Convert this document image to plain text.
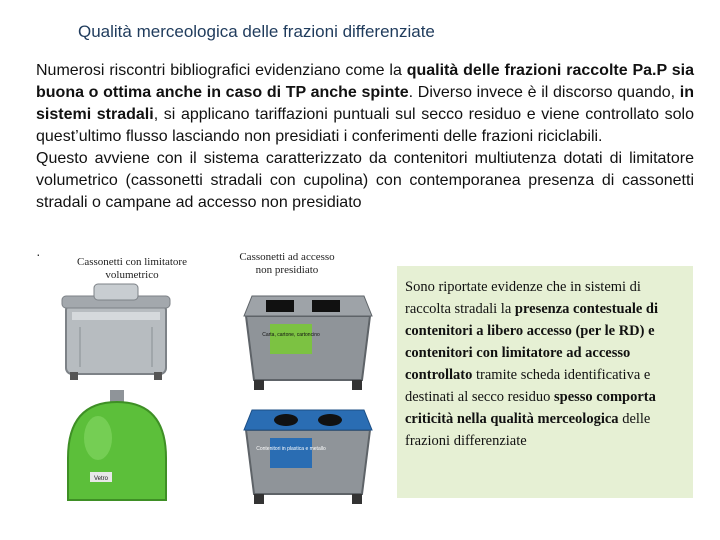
Qualità merceologica delle frazioni differenziate

Numerosi riscontri bibliografici evidenziano come la qualità delle frazioni raccolte Pa.P sia buona o ottima anche in caso di TP anche spinte. Diverso invece è il discorso quando, in sistemi stradali, si applicano tariffazioni puntuali sul secco residuo e viene controllato solo quest’ultimo flusso lasciando non presidiati i conferimenti delle frazioni riciclabili.

Questo avviene con il sistema caratterizzato da contenitori multiutenza dotati di limitatore volumetrico (cassonetti stradali con cupolina) con contemporanea presenza di cassonetti stradali o campane ad accesso non presidiato

·	Cassonetti con limitatore volumetrico
Cassonetti ad accesso non presidiato
Vetro
Carta, cartone, cartoncino
Contenitori in plastica e metallo
Sono riportate evidenze che in sistemi di raccolta stradali la presenza contestuale di contenitori a libero accesso (per le RD) e contenitori con limitatore ad accesso controllato tramite scheda identificativa e destinati al secco residuo spesso comporta criticità nella qualità merceologica delle frazioni differenziate
